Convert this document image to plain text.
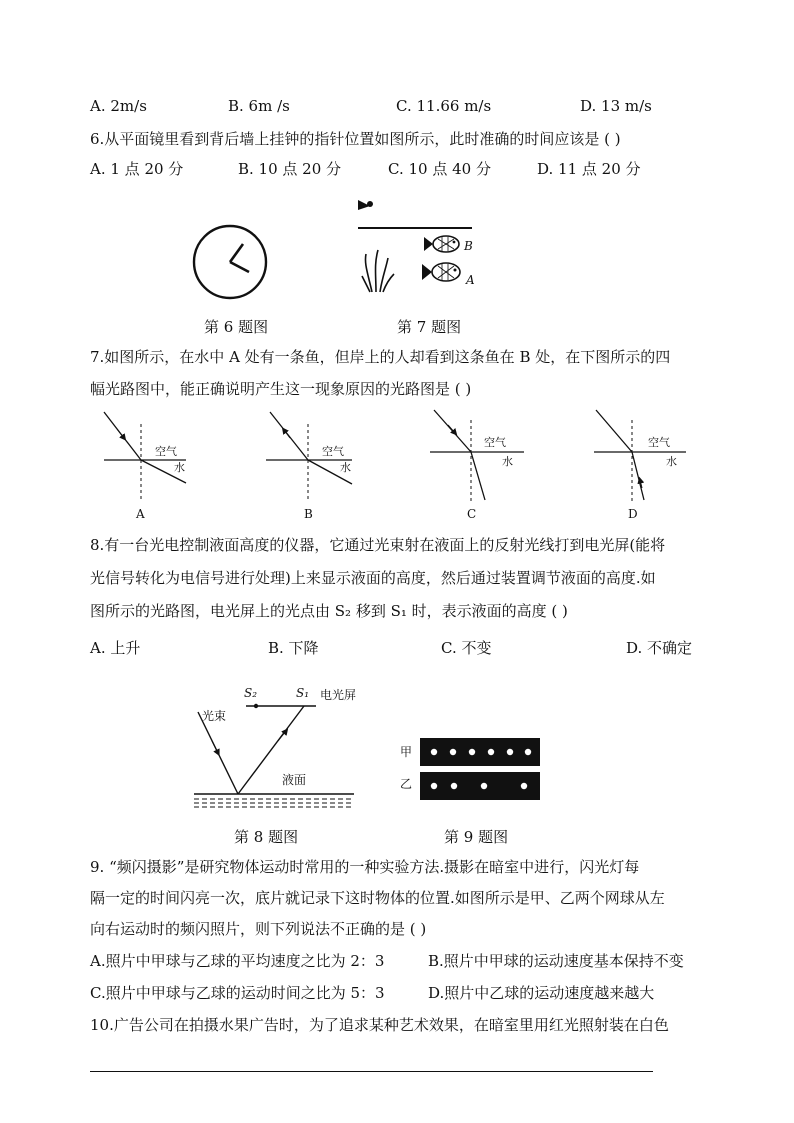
A. 2m/s	B. 6m /s	C. 11.66 m/s	D. 13 m/s
6.从平面镜里看到背后墙上挂钟的指针位置如图所示，此时准确的时间应该是 ( )
A. 1 点 20 分	B. 10 点 20 分	C. 10 点 40 分	D. 11 点 20 分
B
A
第 6 题图	第 7 题图
7.如图所示，在水中 A 处有一条鱼，但岸上的人却看到这条鱼在 B 处，在下图所示的四
幅光路图中，能正确说明产生这一现象原因的光路图是 ( )
空气
水
A
空气
水
B
空气
水
C
空气
水
D
8.有一台光电控制液面高度的仪器，它通过光束射在液面上的反射光线打到电光屏(能将
光信号转化为电信号进行处理)上来显示液面的高度，然后通过装置调节液面的高度.如
图所示的光路图，电光屏上的光点由 S₂ 移到 S₁ 时，表示液面的高度 ( )
A. 上升	B. 下降	C. 不变	D. 不确定
S₂	S₁ 电光屏
光束
液面
甲
乙
第 8 题图	第 9 题图
9. “频闪摄影”是研究物体运动时常用的一种实验方法.摄影在暗室中进行，闪光灯每
隔一定的时间闪亮一次，底片就记录下这时物体的位置.如图所示是甲、乙两个网球从左
向右运动时的频闪照片，则下列说法不正确的是 ( )
A.照片中甲球与乙球的平均速度之比为 2：3	B.照片中甲球的运动速度基本保持不变
C.照片中甲球与乙球的运动时间之比为 5：3	D.照片中乙球的运动速度越来越大
10.广告公司在拍摄水果广告时，为了追求某种艺术效果，在暗室里用红光照射装在白色
